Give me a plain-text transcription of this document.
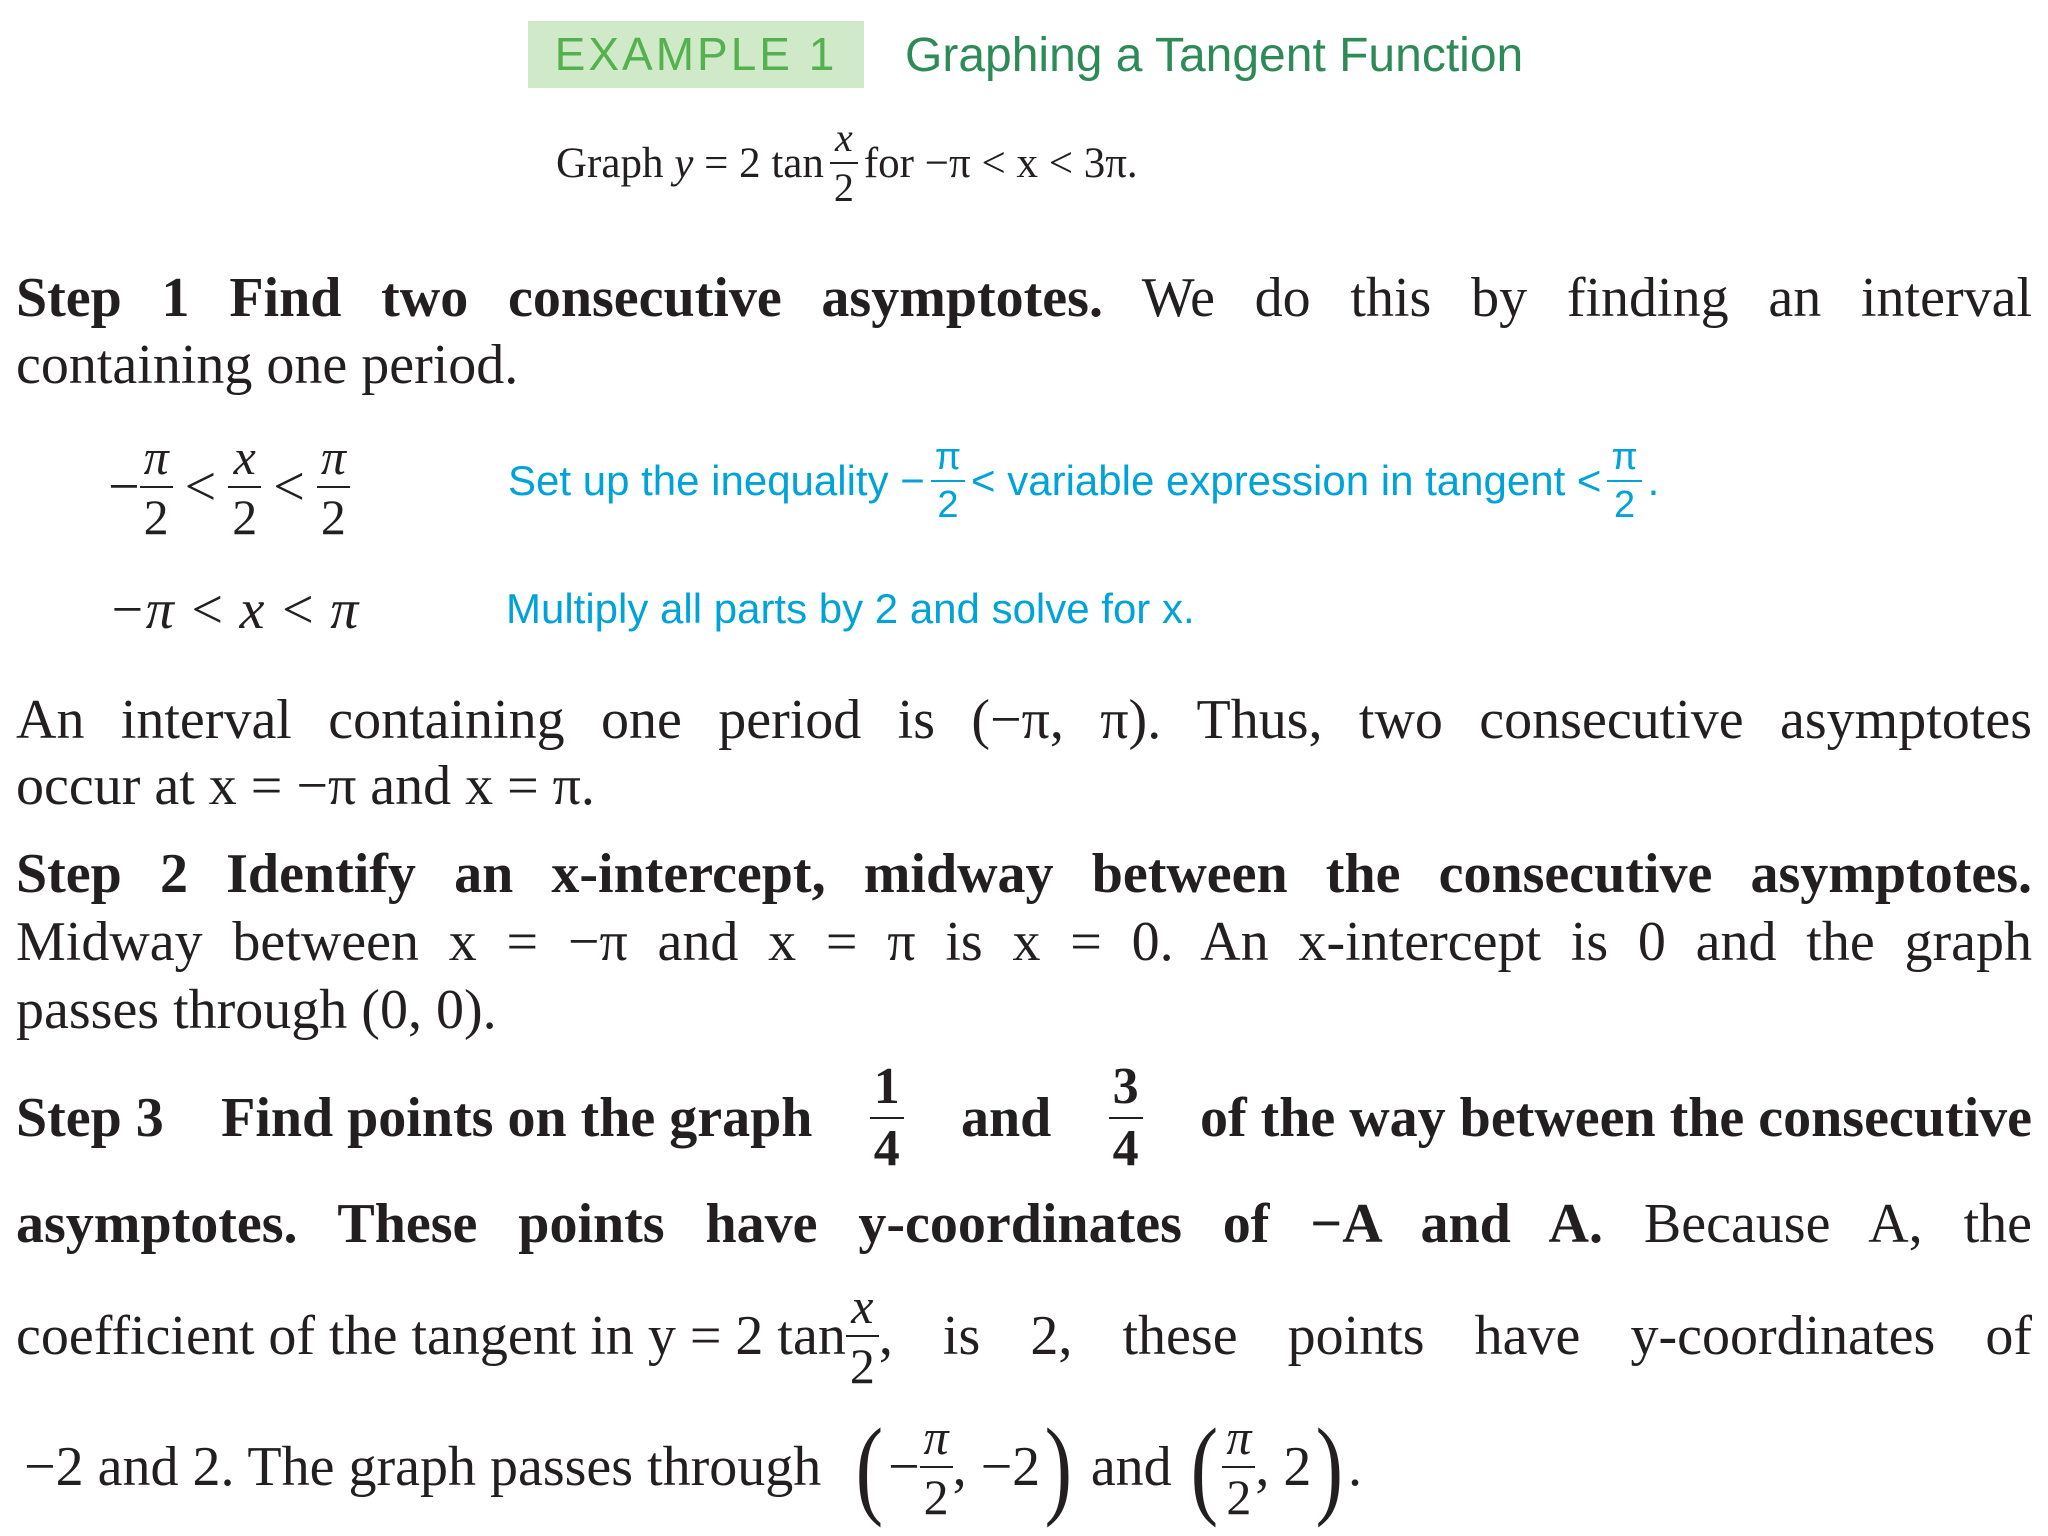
EXAMPLE 1	Graphing a Tangent Function
Graph
y
= 2 $\tan \frac{x}{2}$ for −π < x < 3π.
Step 1 Find two consecutive asymptotes. We do this by finding an interval
containing one period.
− $\frac{\pi}{2} < \frac{x}{2} < \frac{\pi}{2}$	Set up the inequality − $\frac{\pi}{2}$ < variable expression in tangent < $\frac{\pi}{2}$ .
−π < x < π	Multiply all parts by 2 and solve for x.
An interval containing one period is (−π, π). Thus, two consecutive asymptotes
occur at x = −π and x = π.
Step 2 Identify an x-intercept, midway between the consecutive asymptotes.
Midway between x = −π and x = π is x = 0. An x-intercept is 0 and the graph
passes through (0, 0).
Step 3 Find points on the graph $\frac{1}{4}$ and $\frac{3}{4}$ of the way between the consecutive
asymptotes. These points have y-coordinates of −A and A. Because A, the
coefficient of the tangent in y = 2 $\tan \frac{x}{2}$ , is 2, these points have y-coordinates of
−2 and 2. The graph passes through ( − $\frac{\pi}{2}$ , −2 ) and ( $\frac{\pi}{2}$ , 2 ) .
